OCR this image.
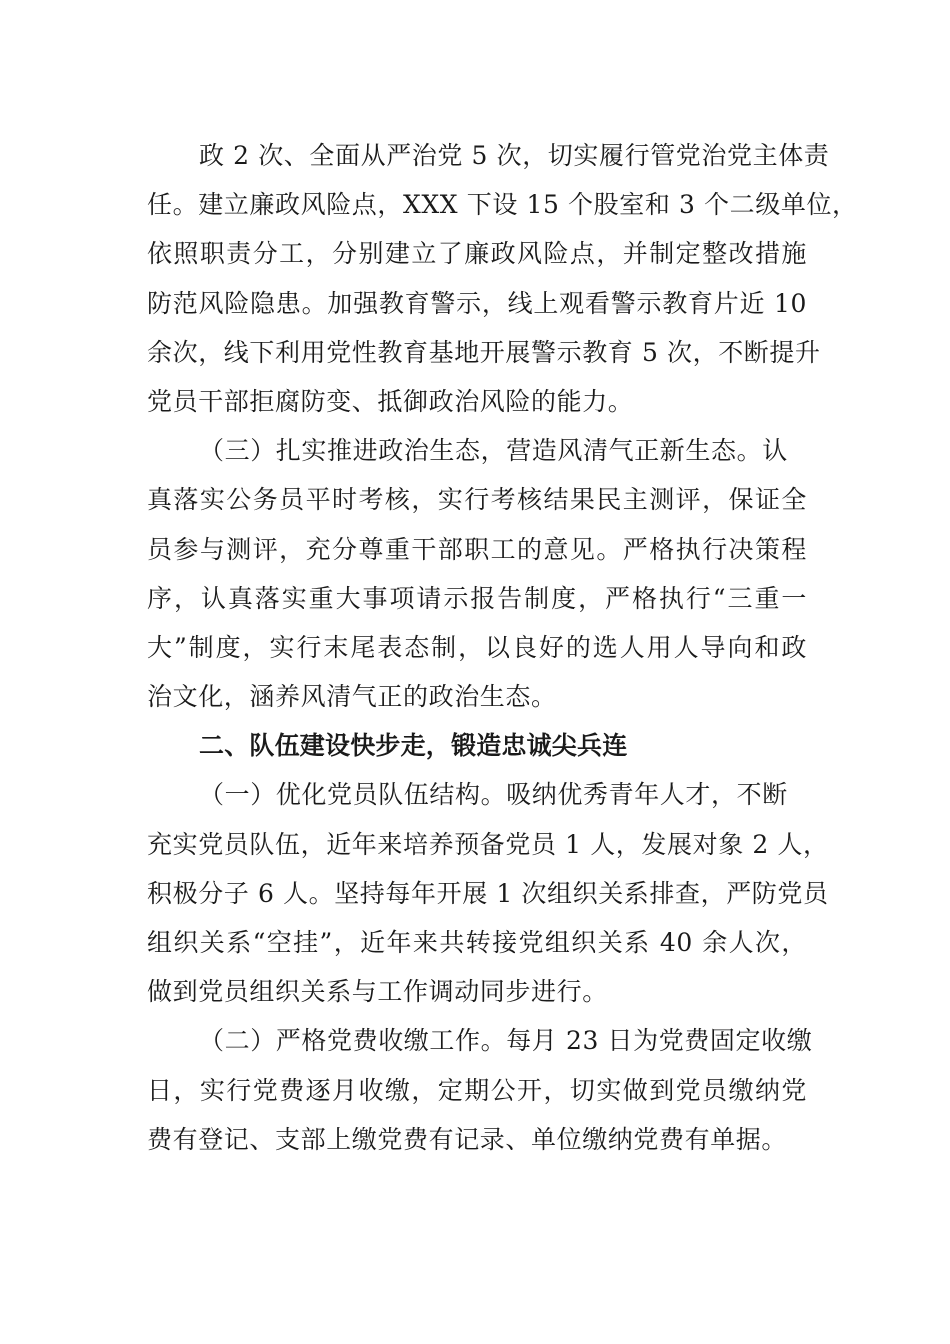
政 2 次、全面从严治党 5 次，切实履行管党治党主体责
任。建立廉政风险点，XXX 下设 15 个股室和 3 个二级单位，
依照职责分工，分别建立了廉政风险点，并制定整改措施
防范风险隐患。加强教育警示，线上观看警示教育片近 10
余次，线下利用党性教育基地开展警示教育 5 次，不断提升
党员干部拒腐防变、抵御政治风险的能力。
（三）扎实推进政治生态，营造风清气正新生态。认
真落实公务员平时考核，实行考核结果民主测评，保证全
员参与测评，充分尊重干部职工的意见。严格执行决策程
序，认真落实重大事项请示报告制度，严格执行“三重一
大”制度，实行末尾表态制，以良好的选人用人导向和政
治文化，涵养风清气正的政治生态。
二、队伍建设快步走，锻造忠诚尖兵连
（一）优化党员队伍结构。吸纳优秀青年人才，不断
充实党员队伍，近年来培养预备党员 1 人，发展对象 2 人，
积极分子 6 人。坚持每年开展 1 次组织关系排查，严防党员
组织关系“空挂”，近年来共转接党组织关系 40 余人次，
做到党员组织关系与工作调动同步进行。
（二）严格党费收缴工作。每月 23 日为党费固定收缴
日，实行党费逐月收缴，定期公开，切实做到党员缴纳党
费有登记、支部上缴党费有记录、单位缴纳党费有单据。
